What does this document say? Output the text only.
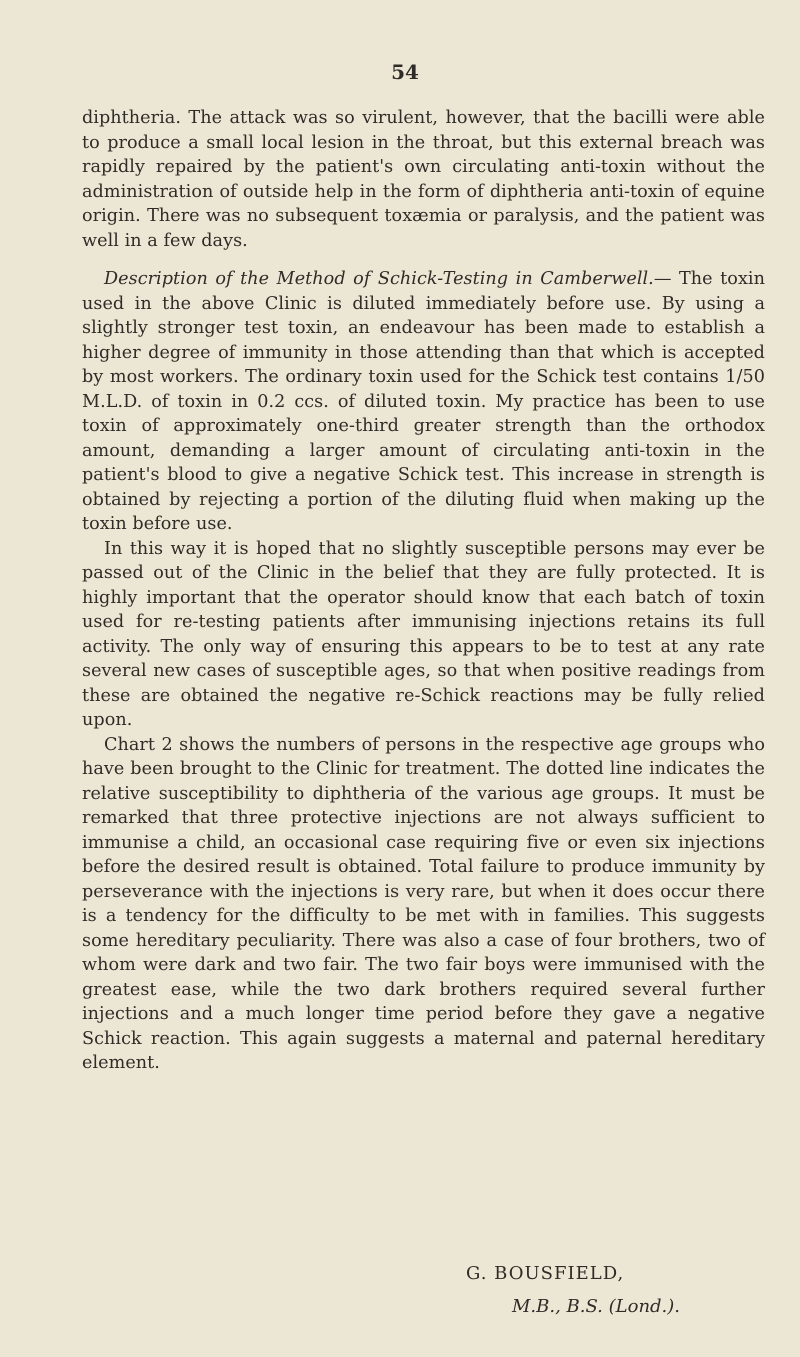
54

diphtheria. The attack was so virulent, however, that the bacilli were able to produce a small local lesion in the throat, but this external breach was rapidly repaired by the patient's own circulating anti-toxin without the administration of outside help in the form of diphtheria anti-toxin of equine origin. There was no subsequent toxæmia or paralysis, and the patient was well in a few days.

Description of the Method of Schick-Testing in Camberwell.— The toxin used in the above Clinic is diluted immediately before use. By using a slightly stronger test toxin, an endeavour has been made to establish a higher degree of immunity in those attending than that which is accepted by most workers. The ordinary toxin used for the Schick test contains 1/50 M.L.D. of toxin in 0.2 ccs. of diluted toxin. My practice has been to use toxin of approximately one-third greater strength than the orthodox amount, demanding a larger amount of circulating anti-toxin in the patient's blood to give a negative Schick test. This increase in strength is obtained by rejecting a portion of the diluting fluid when making up the toxin before use.

In this way it is hoped that no slightly susceptible persons may ever be passed out of the Clinic in the belief that they are fully protected. It is highly important that the operator should know that each batch of toxin used for re-testing patients after immunising injections retains its full activity. The only way of ensuring this appears to be to test at any rate several new cases of susceptible ages, so that when positive readings from these are obtained the negative re-Schick reactions may be fully relied upon.

Chart 2 shows the numbers of persons in the respective age groups who have been brought to the Clinic for treatment. The dotted line indicates the relative susceptibility to diphtheria of the various age groups. It must be remarked that three protective injections are not always sufficient to immunise a child, an occasional case requiring five or even six injections before the desired result is obtained. Total failure to produce immunity by perseverance with the injections is very rare, but when it does occur there is a tendency for the difficulty to be met with in families. This suggests some hereditary peculiarity. There was also a case of four brothers, two of whom were dark and two fair. The two fair boys were immunised with the greatest ease, while the two dark brothers required several further injections and a much longer time period before they gave a negative Schick reaction. This again suggests a maternal and paternal hereditary element.

G. BOUSFIELD,
M.B., B.S. (Lond.).
